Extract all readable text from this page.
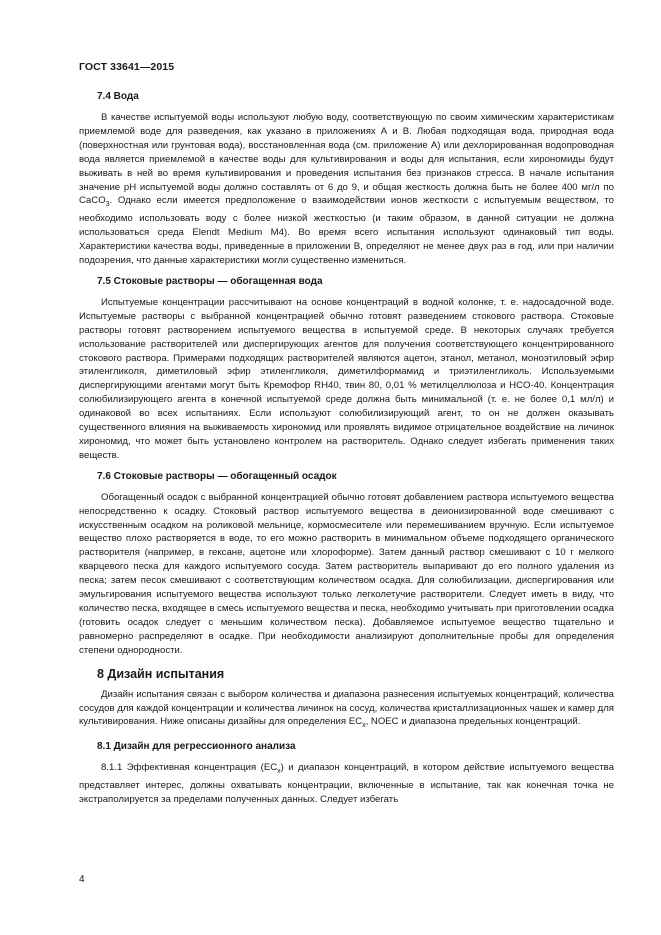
ГОСТ 33641—2015
7.4 Вода

В качестве испытуемой воды используют любую воду, соответствующую по своим химическим характеристикам приемлемой воде для разведения, как указано в приложениях А и В. Любая подходящая вода, природная вода (поверхностная или грунтовая вода), восстановленная вода (см. приложение А) или дехлорированная водопроводная вода является приемлемой в качестве воды для культивирования и воды для испытания, если хирономиды будут выживать в ней во время культивирования и проведения испытания без признаков стресса. В начале испытания значение pH испытуемой воды должно составлять от 6 до 9, и общая жесткость должна быть не более 400 мг/л по CaCO$_3$. Однако если имеется предположение о взаимодействии ионов жесткости с испытуемым веществом, то необходимо использовать воду с более низкой жесткостью (и таким образом, в данной ситуации не должна использоваться среда Elendt Medium M4). Во время всего испытания используют одинаковый тип воды. Характеристики качества воды, приведенные в приложении В, определяют не менее двух раз в год, или при наличии подозрения, что данные характеристики могли существенно измениться.

7.5 Стоковые растворы — обогащенная вода

Испытуемые концентрации рассчитывают на основе концентраций в водной колонке, т. е. надосадочной воде. Испытуемые растворы с выбранной концентрацией обычно готовят разведением стокового раствора. Стоковые растворы готовят растворением испытуемого вещества в испытуемой среде. В некоторых случаях требуется использование растворителей или диспергирующих агентов для получения соответствующего концентрированного стокового раствора. Примерами подходящих растворителей являются ацетон, этанол, метанол, моноэтиловый эфир этиленгликоля, диметиловый эфир этиленгликоля, диметилформамид и триэтиленгликоль. Используемыми диспергирующими агентами могут быть Кремофор RH40, твин 80, 0,01 % метилцеллюлоза и HCO-40. Концентрация солюбилизирующего агента в конечной испытуемой среде должна быть минимальной (т. е. не более 0,1 мл/л) и одинаковой во всех испытаниях. Если используют солюбилизирующий агент, то он не должен оказывать существенного влияния на выживаемость хирономид или проявлять видимое отрицательное воздействие на личинок хирономид, что может быть установлено контролем на растворитель. Однако следует избегать применения таких веществ.

7.6 Стоковые растворы — обогащенный осадок

Обогащенный осадок с выбранной концентрацией обычно готовят добавлением раствора испытуемого вещества непосредственно к осадку. Стоковый раствор испытуемого вещества в деионизированной воде смешивают с искусственным осадком на роликовой мельнице, кормосмесителе или перемешиванием вручную. Если испытуемое вещество плохо растворяется в воде, то его можно растворить в минимальном объеме подходящего органического растворителя (например, в гексане, ацетоне или хлороформе). Затем данный раствор смешивают с 10 г мелкого кварцевого песка для каждого испытуемого сосуда. Затем растворитель выпаривают до его полного удаления из песка; затем песок смешивают с соответствующим количеством осадка. Для солюбилизации, диспергирования или эмульгирования испытуемого вещества используют только легколетучие растворители. Следует иметь в виду, что количество песка, входящее в смесь испытуемого вещества и песка, необходимо учитывать при приготовлении осадка (готовить осадок следует с меньшим количеством песка). Добавляемое испытуемое вещество тщательно и равномерно распределяют в осадке. При необходимости анализируют дополнительные пробы для определения степени однородности.

8 Дизайн испытания

Дизайн испытания связан с выбором количества и диапазона разнесения испытуемых концентраций, количества сосудов для каждой концентрации и количества личинок на сосуд, количества кристаллизационных чашек и камер для культивирования. Ниже описаны дизайны для определения $EC_x$, NOEC и диапазона предельных концентраций.

8.1 Дизайн для регрессионного анализа

8.1.1 Эффективная концентрация $(EC_x)$ и диапазон концентраций, в котором действие испытуемого вещества представляет интерес, должны охватывать концентрации, включенные в испытание, так как конечная точка не экстраполируется за пределами полученных данных. Следует избегать

4
